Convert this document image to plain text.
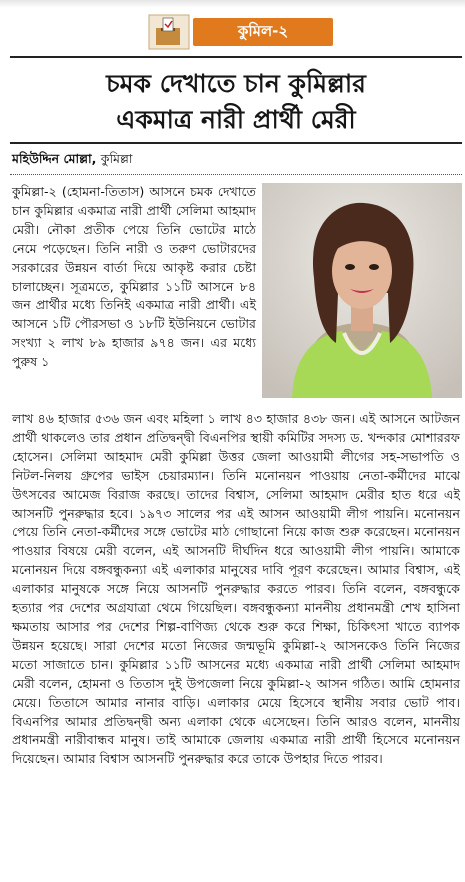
কুমিল-২
চমক দেখাতে চান কুমিল্লার
একমাত্র নারী প্রার্থী মেরী
মহিউদ্দিন মোল্লা, কুমিল্লা

কুমিল্লা-২ (হোমনা-তিতাস) আসনে চমক দেখাতে চান কুমিল্লার একমাত্র নারী প্রার্থী সেলিমা আহমাদ মেরী। নৌকা প্রতীক পেয়ে তিনি ভোটের মাঠে নেমে পড়েছেন। তিনি নারী ও তরুণ ভোটারদের সরকারের উন্নয়ন বার্তা দিয়ে আকৃষ্ট করার চেষ্টা চালাচ্ছেন। সূত্রমতে, কুমিল্লার ১১টি আসনে ৮৪ জন প্রার্থীর মধ্যে তিনিই একমাত্র নারী প্রার্থী। এই আসনে ১টি পৌরসভা ও ১৮টি ইউনিয়নে ভোটার সংখ্যা ২ লাখ ৮৯ হাজার ৯৭৪ জন। এর মধ্যে পুরুষ ১

লাখ ৪৬ হাজার ৫৩৬ জন এবং মহিলা ১ লাখ ৪৩ হাজার ৪৩৮ জন। এই আসনে আটজন প্রার্থী থাকলেও তার প্রধান প্রতিদ্বন্দ্বী বিএনপির স্থায়ী কমিটির সদস্য ড. খন্দকার মোশাররফ হোসেন। সেলিমা আহমাদ মেরী কুমিল্লা উত্তর জেলা আওয়ামী লীগের সহ-সভাপতি ও নিটল-নিলয় গ্রুপের ভাইস চেয়ারম্যান। তিনি মনোনয়ন পাওয়ায় নেতা-কর্মীদের মাঝে উৎসবের আমেজ বিরাজ করছে। তাদের বিশ্বাস, সেলিমা আহমাদ মেরীর হাত ধরে এই আসনটি পুনরুদ্ধার হবে। ১৯৭৩ সালের পর এই আসন আওয়ামী লীগ পায়নি। মনোনয়ন পেয়ে তিনি নেতা-কর্মীদের সঙ্গে ভোটের মাঠ গোছানো নিয়ে কাজ শুরু করেছেন। মনোনয়ন পাওয়ার বিষয়ে মেরী বলেন, এই আসনটি দীর্ঘদিন ধরে আওয়ামী লীগ পায়নি। আমাকে মনোনয়ন দিয়ে বঙ্গবন্ধুকন্যা এই এলাকার মানুষের দাবি পূরণ করেছেন। আমার বিশ্বাস, এই এলাকার মানুষকে সঙ্গে নিয়ে আসনটি পুনরুদ্ধার করতে পারব। তিনি বলেন, বঙ্গবন্ধুকে হত্যার পর দেশের অগ্রযাত্রা থেমে গিয়েছিল। বঙ্গবন্ধুকন্যা মাননীয় প্রধানমন্ত্রী শেখ হাসিনা ক্ষমতায় আসার পর দেশের শিল্প-বাণিজ্য থেকে শুরু করে শিক্ষা, চিকিৎসা খাতে ব্যাপক উন্নয়ন হয়েছে। সারা দেশের মতো নিজের জন্মভূমি কুমিল্লা-২ আসনকেও তিনি নিজের মতো সাজাতে চান। কুমিল্লার ১১টি আসনের মধ্যে একমাত্র নারী প্রার্থী সেলিমা আহমাদ মেরী বলেন, হোমনা ও তিতাস দুই উপজেলা নিয়ে কুমিল্লা-২ আসন গঠিত। আমি হোমনার মেয়ে। তিতাসে আমার নানার বাড়ি। এলাকার মেয়ে হিসেবে স্থানীয় সবার ভোট পাব। বিএনপির আমার প্রতিদ্বন্দ্বী অন্য এলাকা থেকে এসেছেন। তিনি আরও বলেন, মাননীয় প্রধানমন্ত্রী নারীবান্ধব মানুষ। তাই আমাকে জেলায় একমাত্র নারী প্রার্থী হিসেবে মনোনয়ন দিয়েছেন। আমার বিশ্বাস আসনটি পুনরুদ্ধার করে তাকে উপহার দিতে পারব।
